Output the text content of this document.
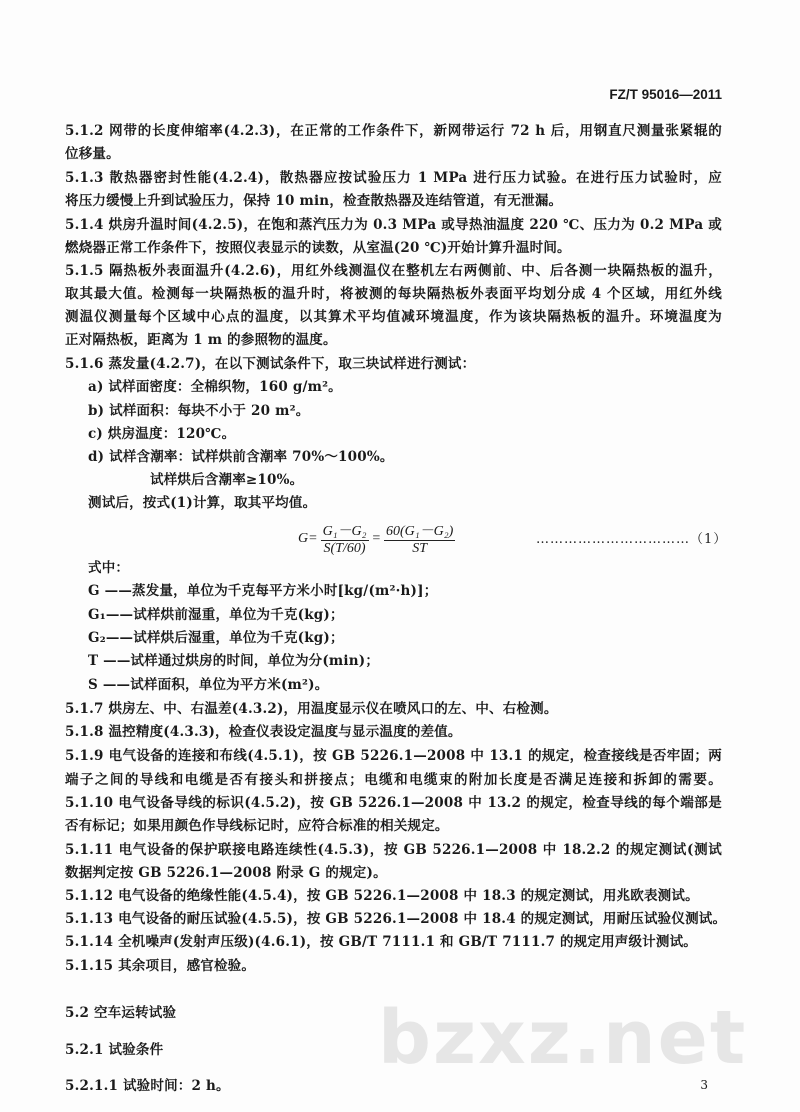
FZ/T 95016—2011
5.1.2 网带的长度伸缩率(4.2.3)，在正常的工作条件下，新网带运行 72 h 后，用钢直尺测量张紧辊的
位移量。
5.1.3 散热器密封性能(4.2.4)，散热器应按试验压力 1 MPa 进行压力试验。在进行压力试验时，应
将压力缓慢上升到试验压力，保持 10 min，检查散热器及连结管道，有无泄漏。
5.1.4 烘房升温时间(4.2.5)，在饱和蒸汽压力为 0.3 MPa 或导热油温度 220 ℃、压力为 0.2 MPa 或
燃烧器正常工作条件下，按照仪表显示的读数，从室温(20 ℃)开始计算升温时间。
5.1.5 隔热板外表面温升(4.2.6)，用红外线测温仪在整机左右两侧前、中、后各测一块隔热板的温升，
取其最大值。检测每一块隔热板的温升时，将被测的每块隔热板外表面平均划分成 4 个区域，用红外线
测温仪测量每个区域中心点的温度，以其算术平均值减环境温度，作为该块隔热板的温升。环境温度为
正对隔热板，距离为 1 m 的参照物的温度。
5.1.6 蒸发量(4.2.7)，在以下测试条件下，取三块试样进行测试：
a) 试样面密度：全棉织物，160 g/m²。
b) 试样面积：每块不小于 20 m²。
c) 烘房温度：120℃。
d) 试样含潮率：试样烘前含潮率 70%～100%。
试样烘后含潮率≥10%。
测试后，按式(1)计算，取其平均值。
式中：
G ——蒸发量，单位为千克每平方米小时[kg/(m²·h)]；
G₁——试样烘前湿重，单位为千克(kg)；
G₂——试样烘后湿重，单位为千克(kg)；
T ——试样通过烘房的时间，单位为分(min)；
S ——试样面积，单位为平方米(m²)。
5.1.7 烘房左、中、右温差(4.3.2)，用温度显示仪在喷风口的左、中、右检测。
5.1.8 温控精度(4.3.3)，检查仪表设定温度与显示温度的差值。
5.1.9 电气设备的连接和布线(4.5.1)，按 GB 5226.1—2008 中 13.1 的规定，检查接线是否牢固；两
端子之间的导线和电缆是否有接头和拼接点；电缆和电缆束的附加长度是否满足连接和拆卸的需要。
5.1.10 电气设备导线的标识(4.5.2)，按 GB 5226.1—2008 中 13.2 的规定，检查导线的每个端部是
否有标记；如果用颜色作导线标记时，应符合标准的相关规定。
5.1.11 电气设备的保护联接电路连续性(4.5.3)，按 GB 5226.1—2008 中 18.2.2 的规定测试(测试
数据判定按 GB 5226.1—2008 附录 G 的规定)。
5.1.12 电气设备的绝缘性能(4.5.4)，按 GB 5226.1—2008 中 18.3 的规定测试，用兆欧表测试。
5.1.13 电气设备的耐压试验(4.5.5)，按 GB 5226.1—2008 中 18.4 的规定测试，用耐压试验仪测试。
5.1.14 全机噪声(发射声压级)(4.6.1)，按 GB/T 7111.1 和 GB/T 7111.7 的规定用声级计测试。
5.1.15 其余项目，感官检验。
5.2 空车运转试验
5.2.1 试验条件
5.2.1.1 试验时间：2 h。
$G= \frac{\text{G₁－G₂}}{S(T/60)} = \frac{\text{60(G₁－G₂)}}{ST}$	……………………………（1）
bzxz.net
3
